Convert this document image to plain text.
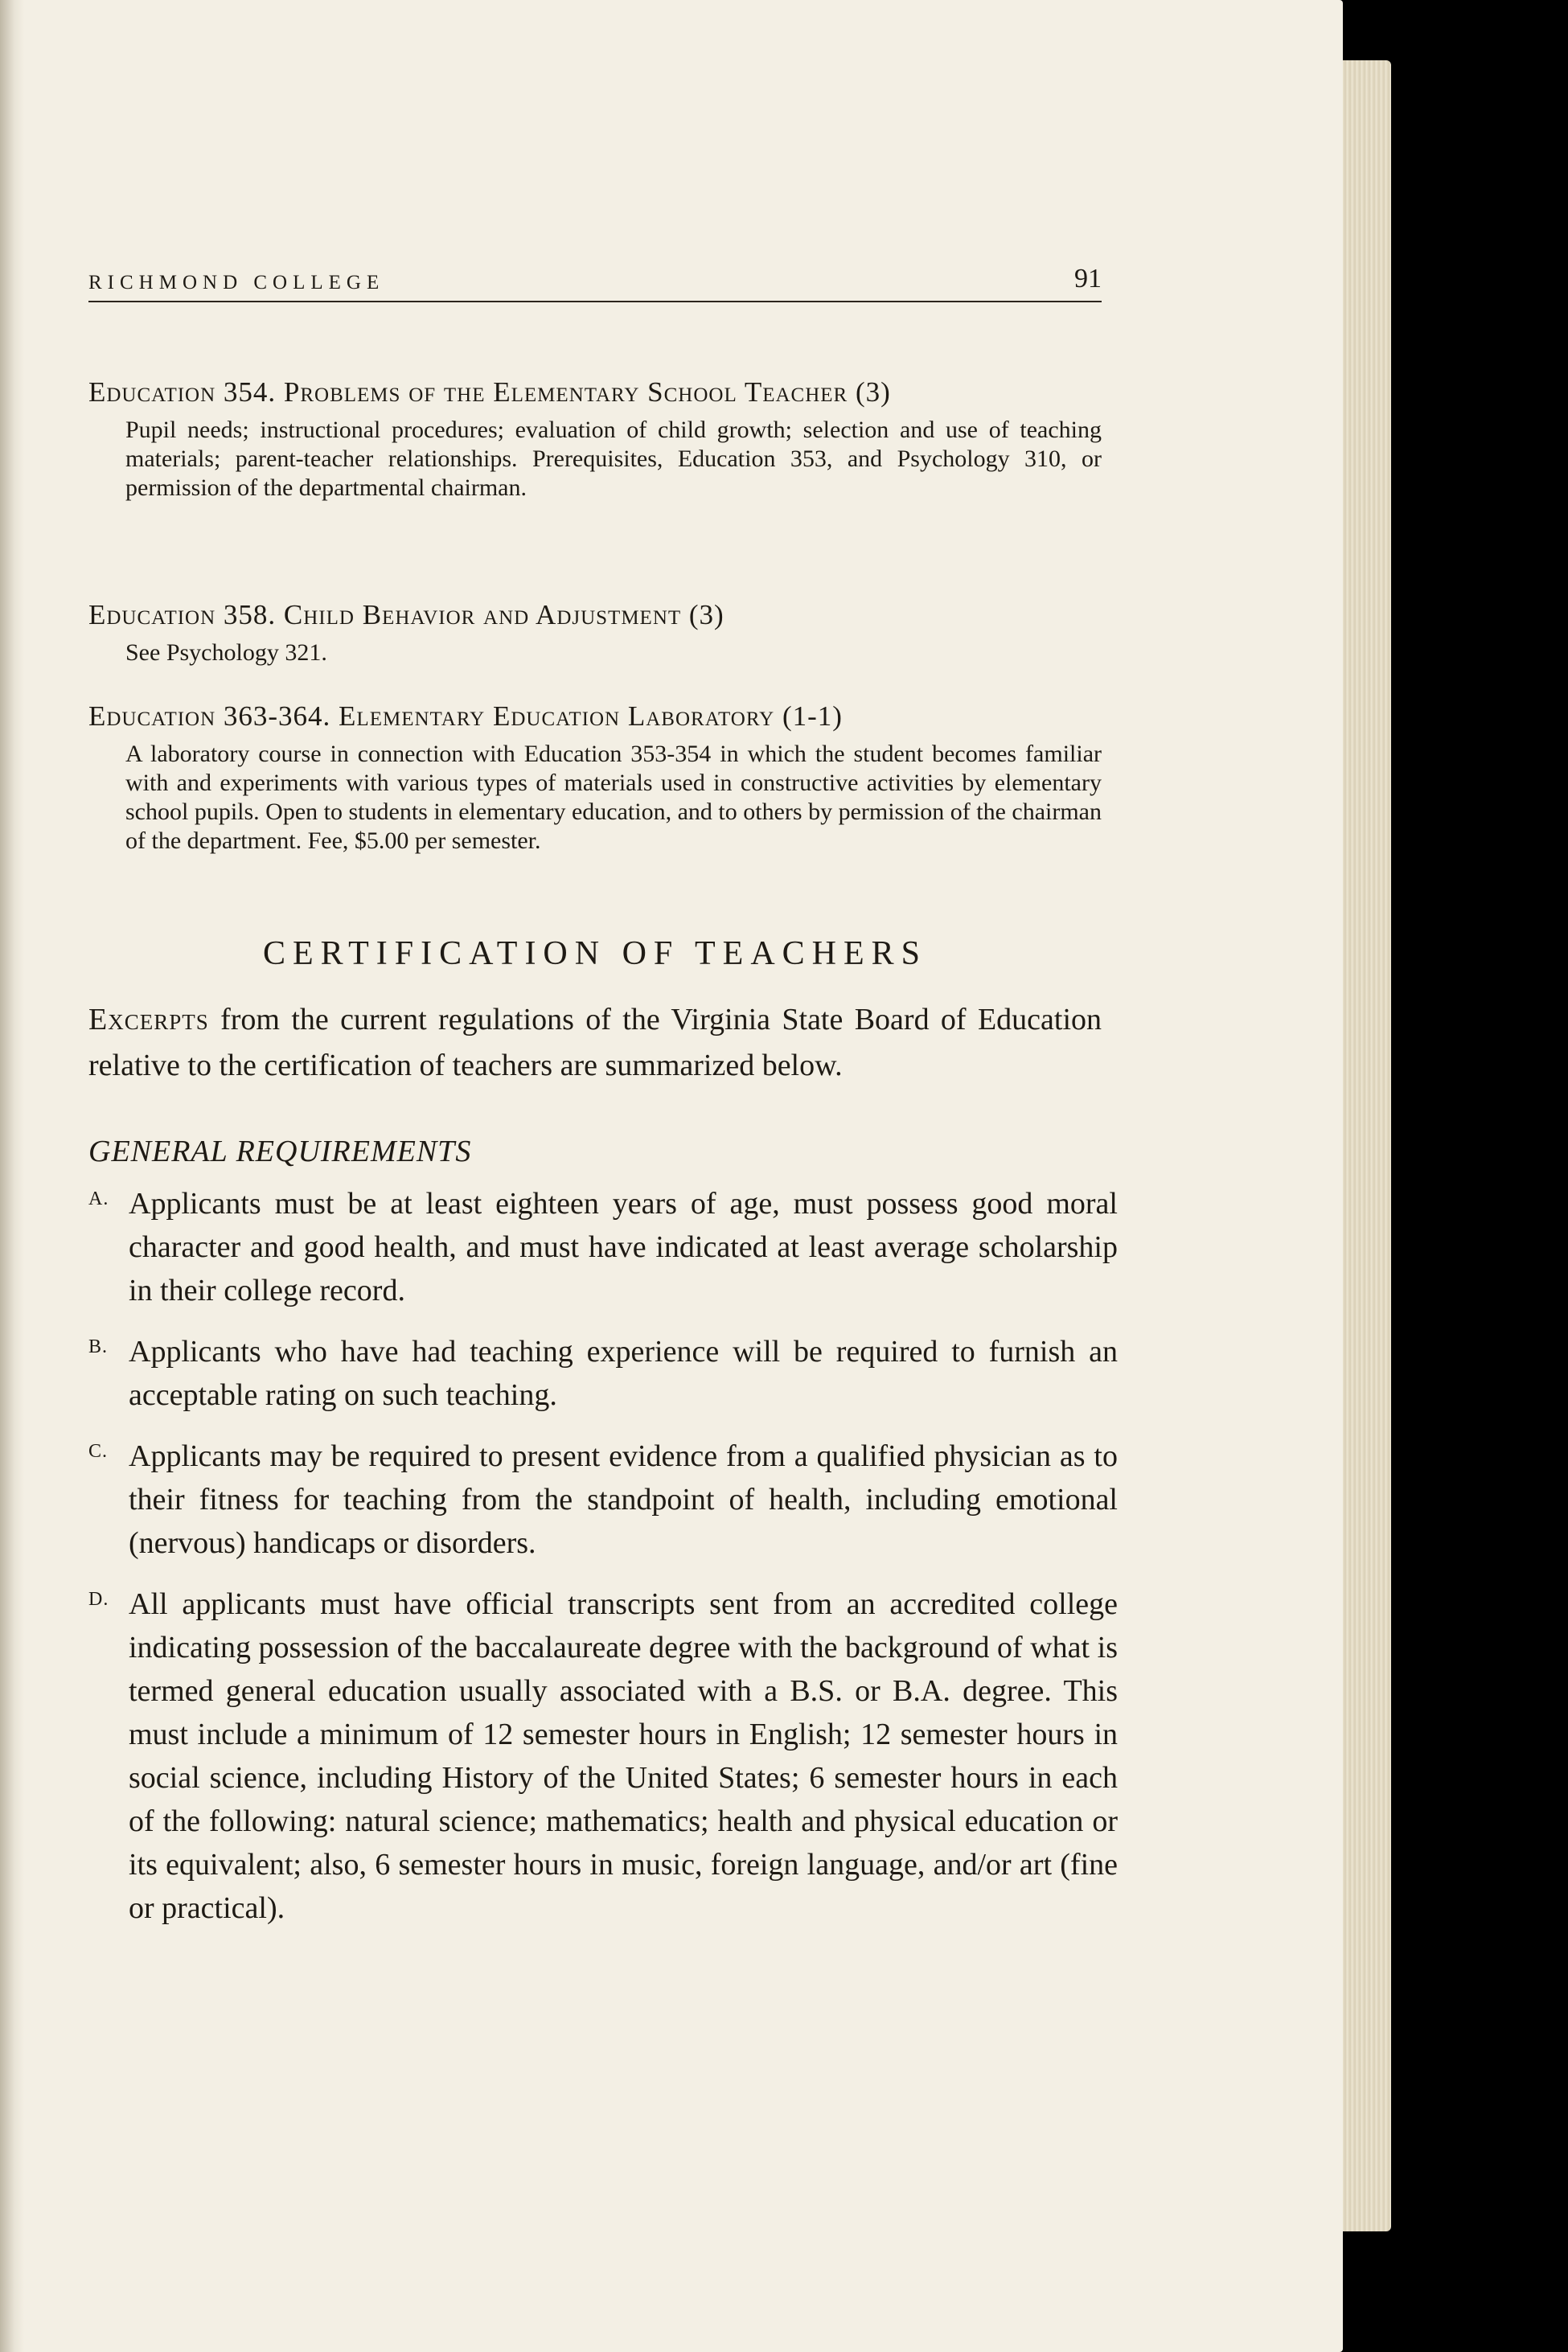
RICHMOND COLLEGE	91
Education 354. Problems of the Elementary School Teacher (3)
Pupil needs; instructional procedures; evaluation of child growth; selection and use of teaching materials; parent-teacher relationships. Prerequisites, Education 353, and Psychology 310, or permission of the departmental chairman.
Education 358. Child Behavior and Adjustment (3)
See Psychology 321.
Education 363-364. Elementary Education Laboratory (1-1)
A laboratory course in connection with Education 353-354 in which the student becomes familiar with and experiments with various types of materials used in constructive activities by elementary school pupils. Open to students in elementary education, and to others by permission of the chairman of the department. Fee, $5.00 per semester.
CERTIFICATION OF TEACHERS
Excerpts from the current regulations of the Virginia State Board of Education relative to the certification of teachers are summarized below.
GENERAL REQUIREMENTS
A. Applicants must be at least eighteen years of age, must possess good moral character and good health, and must have indicated at least average scholarship in their college record.
B. Applicants who have had teaching experience will be required to furnish an acceptable rating on such teaching.
C. Applicants may be required to present evidence from a qualified physician as to their fitness for teaching from the standpoint of health, including emotional (nervous) handicaps or disorders.
D. All applicants must have official transcripts sent from an accredited college indicating possession of the baccalaureate degree with the background of what is termed general education usually associated with a B.S. or B.A. degree. This must include a minimum of 12 semester hours in English; 12 semester hours in social science, including History of the United States; 6 semester hours in each of the following: natural science; mathematics; health and physical education or its equivalent; also, 6 semester hours in music, foreign language, and/or art (fine or practical).
